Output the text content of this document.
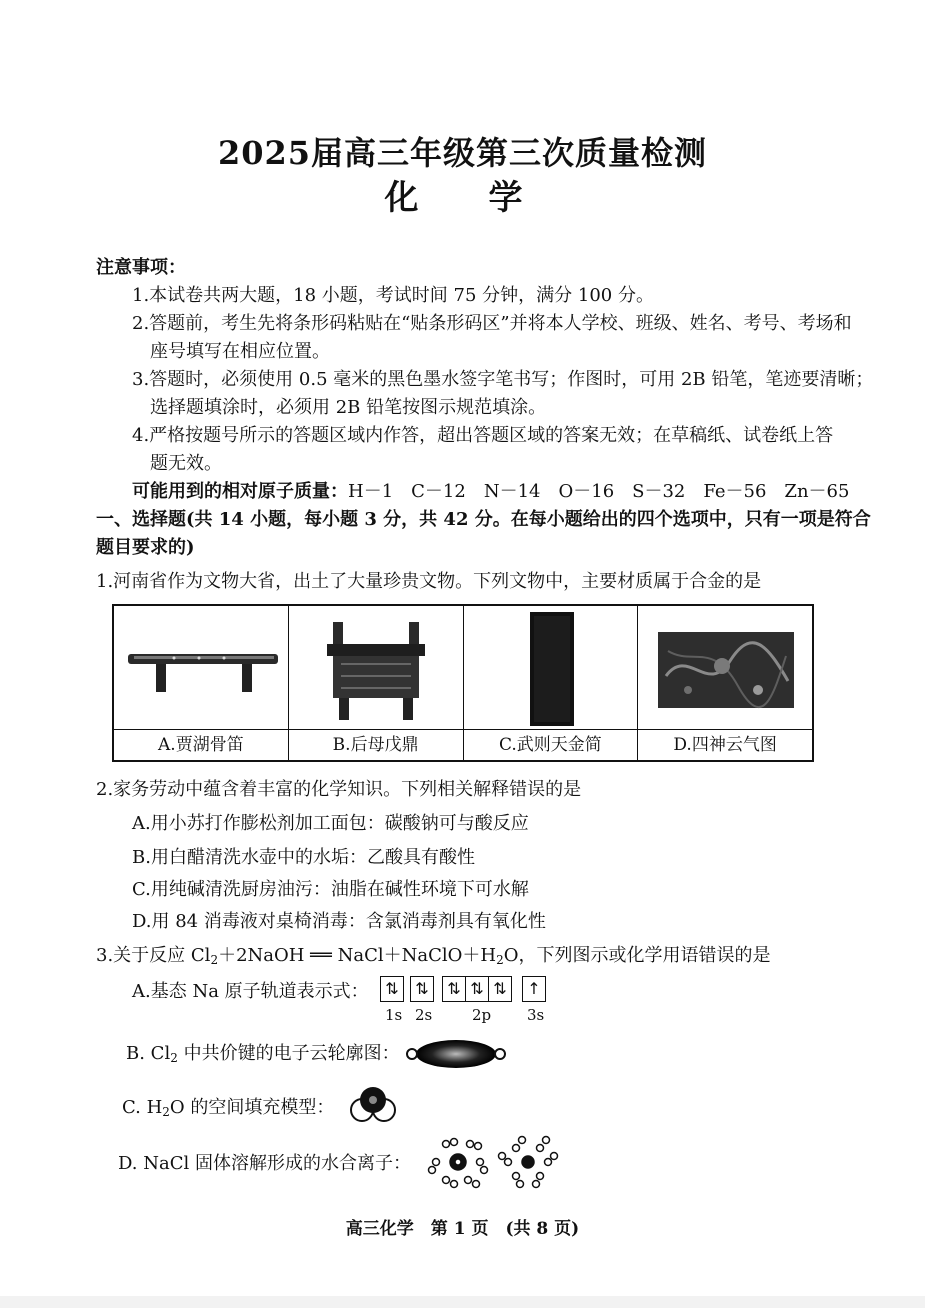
2025届高三年级第三次质量检测
化　学
注意事项：
1.本试卷共两大题，18 小题，考试时间 75 分钟，满分 100 分。
2.答题前，考生先将条形码粘贴在“贴条形码区”并将本人学校、班级、姓名、考号、考场和
座号填写在相应位置。
3.答题时，必须使用 0.5 毫米的黑色墨水签字笔书写；作图时，可用 2B 铅笔，笔迹要清晰；
选择题填涂时，必须用 2B 铅笔按图示规范填涂。
4.严格按题号所示的答题区域内作答，超出答题区域的答案无效；在草稿纸、试卷纸上答
题无效。
可能用到的相对原子质量：H－1　C－12　N－14　O－16　S－32　Fe－56　Zn－65
一、选择题(共 14 小题，每小题 3 分，共 42 分。在每小题给出的四个选项中，只有一项是符合
题目要求的)
1.河南省作为文物大省，出土了大量珍贵文物。下列文物中，主要材质属于合金的是
A.贾湖骨笛	B.后母戊鼎	C.武则天金简	D.四神云气图
2.家务劳动中蕴含着丰富的化学知识。下列相关解释错误的是
A.用小苏打作膨松剂加工面包：碳酸钠可与酸反应
B.用白醋清洗水壶中的水垢：乙酸具有酸性
C.用纯碱清洗厨房油污：油脂在碱性环境下可水解
D.用 84 消毒液对桌椅消毒：含氯消毒剂具有氧化性
3.关于反应 $Cl_2+2NaOH$ ══ $NaCl+NaClO+H_2O$，下列图示或化学用语错误的是
A.基态 Na 原子轨道表示式： ⇅ ⇅ ⇅ ⇅ ⇅ ↑
1s 2s	2p 3s
B. $Cl_2$ 中共价键的电子云轮廓图：
C. $H_2O$ 的空间填充模型：
D. NaCl 固体溶解形成的水合离子：
高三化学　第 1 页　(共 8 页)
